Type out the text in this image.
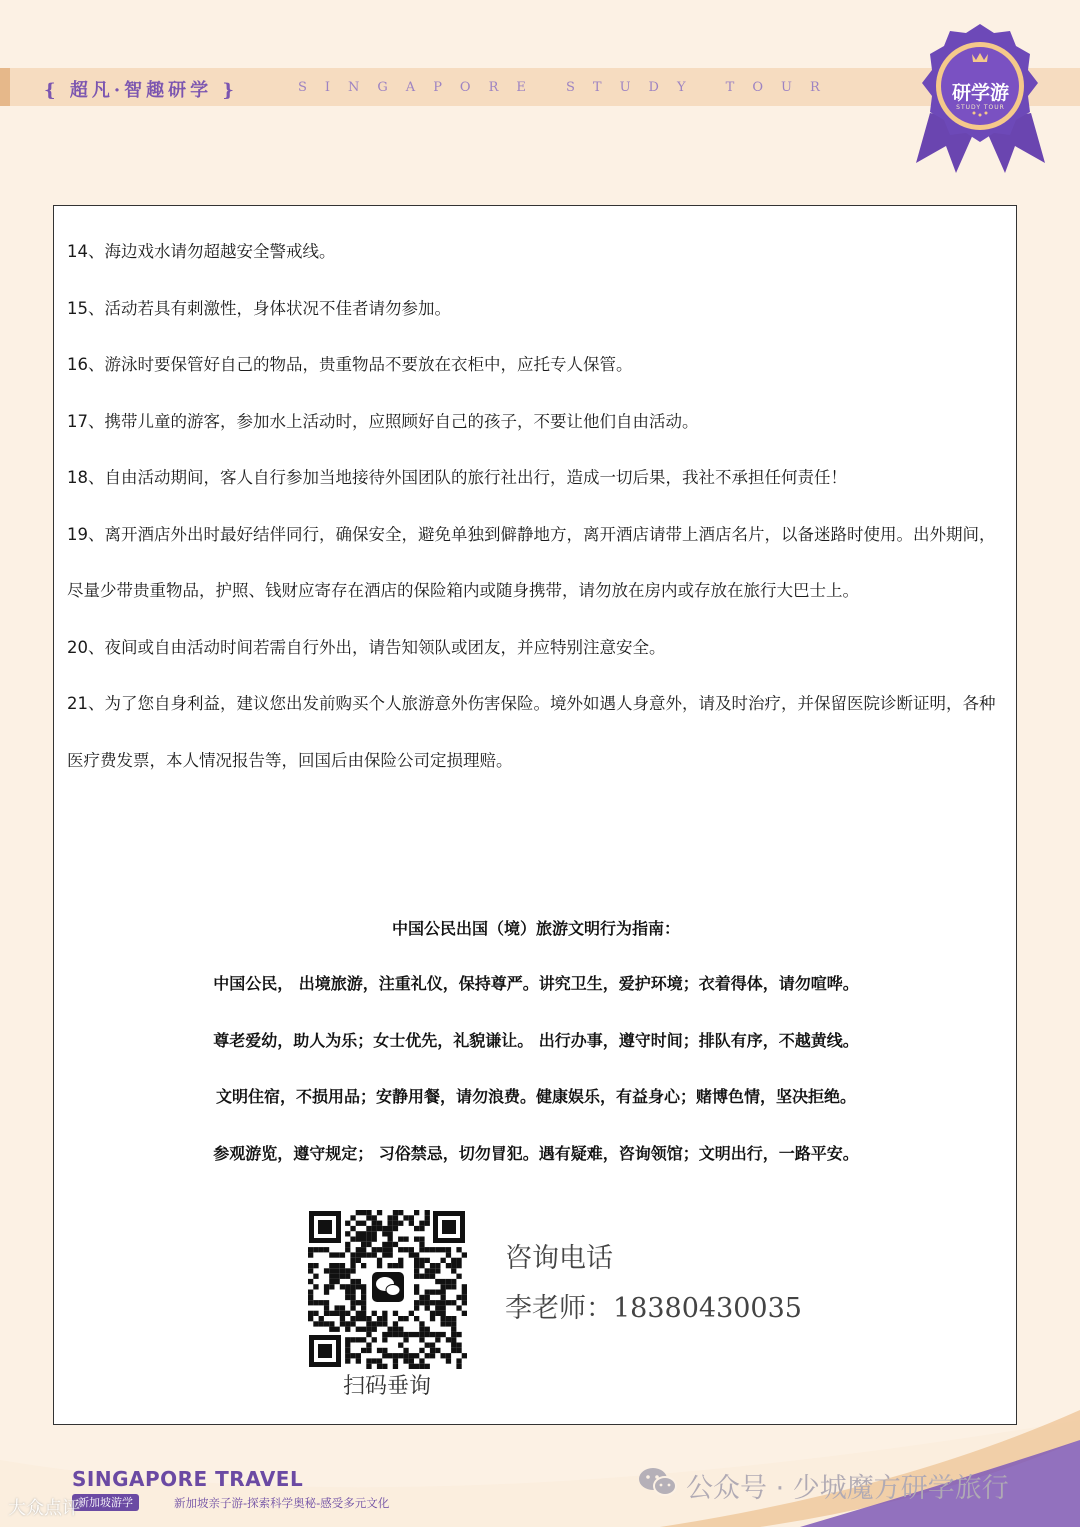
{ 超凡·智趣研学 }	SINGAPORE STUDY TOUR	研学游
STUDY TOUR
14、海边戏水请勿超越安全警戒线。
15、活动若具有刺激性，身体状况不佳者请勿参加。
16、游泳时要保管好自己的物品，贵重物品不要放在衣柜中，应托专人保管。
17、携带儿童的游客，参加水上活动时，应照顾好自己的孩子，不要让他们自由活动。
18、自由活动期间，客人自行参加当地接待外国团队的旅行社出行，造成一切后果，我社不承担任何责任！
19、离开酒店外出时最好结伴同行，确保安全，避免单独到僻静地方，离开酒店请带上酒店名片，以备迷路时使用。出外期间，尽量少带贵重物品，护照、钱财应寄存在酒店的保险箱内或随身携带，请勿放在房内或存放在旅行大巴士上。
20、夜间或自由活动时间若需自行外出，请告知领队或团友，并应特别注意安全。
21、为了您自身利益，建议您出发前购买个人旅游意外伤害保险。境外如遇人身意外，请及时治疗，并保留医院诊断证明，各种医疗费发票，本人情况报告等，回国后由保险公司定损理赔。
中国公民出国（境）旅游文明行为指南：
中国公民， 出境旅游，注重礼仪，保持尊严。讲究卫生，爱护环境；衣着得体，请勿喧哗。
尊老爱幼，助人为乐；女士优先，礼貌谦让。 出行办事，遵守时间；排队有序，不越黄线。
文明住宿，不损用品；安静用餐，请勿浪费。健康娱乐，有益身心；赌博色情，坚决拒绝。
参观游览，遵守规定； 习俗禁忌，切勿冒犯。遇有疑难，咨询领馆；文明出行，一路平安。
扫码垂询
咨询电话
李老师：18380430035
SINGAPORE TRAVEL
新加坡游学	新加坡亲子游-探索科学奥秘-感受多元文化
大众点评
公众号 · 少城魔方研学旅行
